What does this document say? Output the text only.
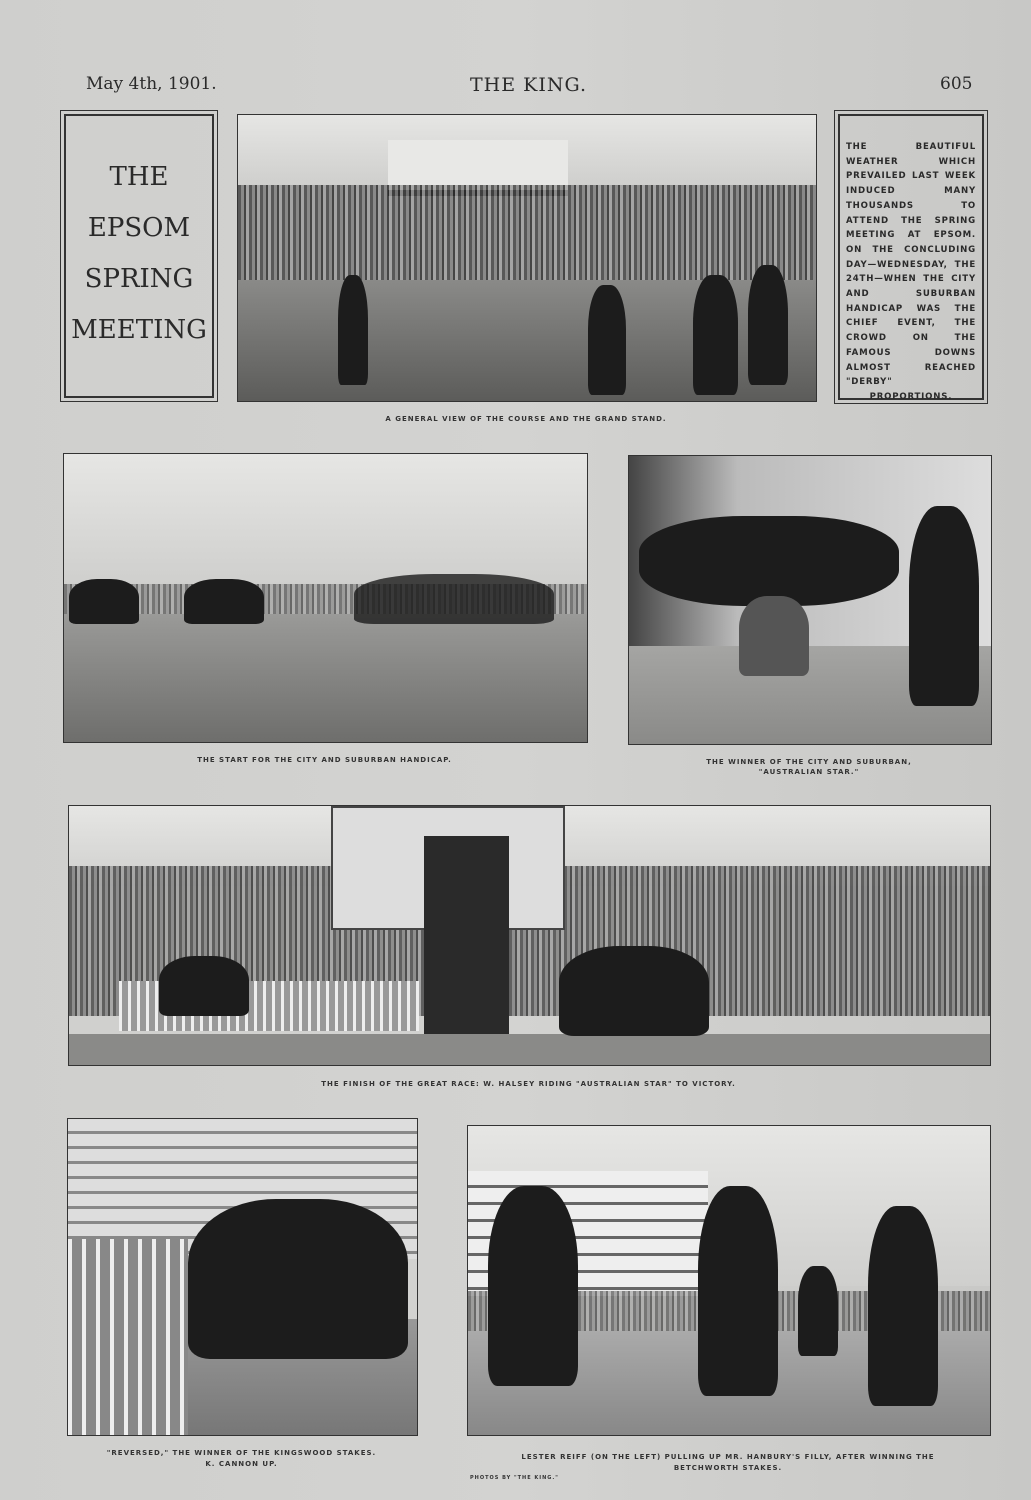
May 4th, 1901.	THE KING.	605
THE
EPSOM
SPRING
MEETING
A GENERAL VIEW OF THE COURSE AND THE GRAND STAND.
THE BEAUTIFUL WEATHER WHICH PREVAILED LAST WEEK INDUCED MANY THOUSANDS TO ATTEND THE SPRING MEETING AT EPSOM. ON THE CONCLUDING DAY—WEDNESDAY, THE 24TH—WHEN THE CITY AND SUBURBAN HANDICAP WAS THE CHIEF EVENT, THE CROWD ON THE FAMOUS DOWNS ALMOST REACHED "DERBY" PROPORTIONS.
THE START FOR THE CITY AND SUBURBAN HANDICAP.	THE WINNER OF THE CITY AND SUBURBAN,
"AUSTRALIAN STAR."
THE FINISH OF THE GREAT RACE: W. HALSEY RIDING "AUSTRALIAN STAR" TO VICTORY.
"REVERSED," THE WINNER OF THE KINGSWOOD STAKES.
K. CANNON UP.
LESTER REIFF (ON THE LEFT) PULLING UP MR. HANBURY'S FILLY, AFTER WINNING THE
BETCHWORTH STAKES.
PHOTOS BY "THE KING."
